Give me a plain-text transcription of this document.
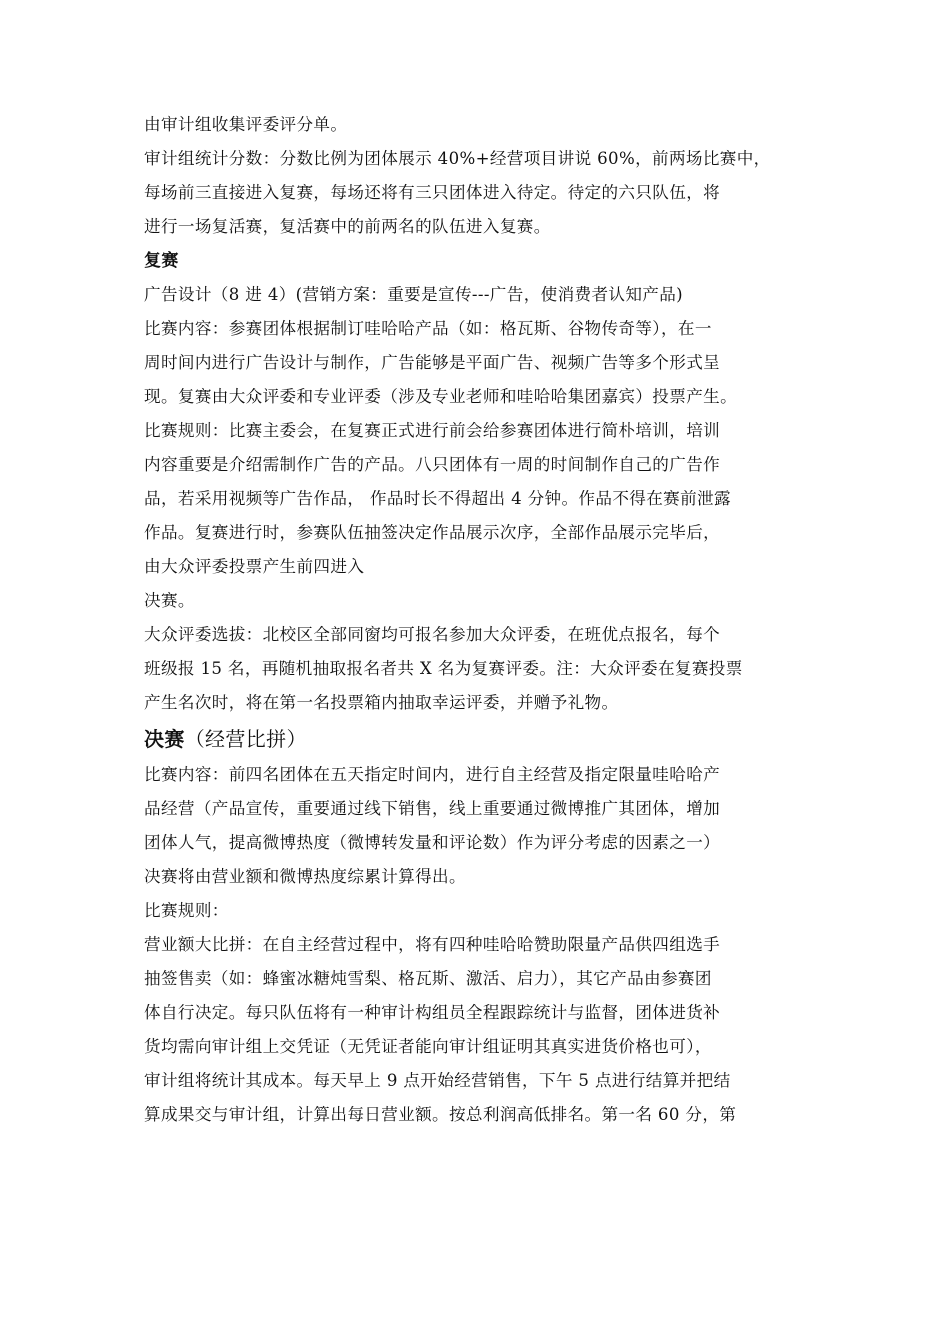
由审计组收集评委评分单。
审计组统计分数：分数比例为团体展示 40%+经营项目讲说 60%，前两场比赛中，
每场前三直接进入复赛，每场还将有三只团体进入待定。待定的六只队伍，将
进行一场复活赛，复活赛中的前两名的队伍进入复赛。
复赛
广告设计（8 进 4）(营销方案：重要是宣传---广告，使消费者认知产品)
比赛内容：参赛团体根据制订哇哈哈产品（如：格瓦斯、谷物传奇等），在一
周时间内进行广告设计与制作，广告能够是平面广告、视频广告等多个形式呈
现。复赛由大众评委和专业评委（涉及专业老师和哇哈哈集团嘉宾）投票产生。
比赛规则：比赛主委会，在复赛正式进行前会给参赛团体进行简朴培训，培训
内容重要是介绍需制作广告的产品。八只团体有一周的时间制作自己的广告作
品，若采用视频等广告作品， 作品时长不得超出 4 分钟。作品不得在赛前泄露
作品。复赛进行时，参赛队伍抽签决定作品展示次序，全部作品展示完毕后，
由大众评委投票产生前四进入
决赛。
大众评委选拔：北校区全部同窗均可报名参加大众评委，在班优点报名，每个
班级报 15 名，再随机抽取报名者共 X 名为复赛评委。注：大众评委在复赛投票
产生名次时，将在第一名投票箱内抽取幸运评委，并赠予礼物。
决赛（经营比拼）
比赛内容：前四名团体在五天指定时间内，进行自主经营及指定限量哇哈哈产
品经营（产品宣传，重要通过线下销售，线上重要通过微博推广其团体，增加
团体人气，提高微博热度（微博转发量和评论数）作为评分考虑的因素之一）
决赛将由营业额和微博热度综累计算得出。
比赛规则：
营业额大比拼：在自主经营过程中，将有四种哇哈哈赞助限量产品供四组选手
抽签售卖（如：蜂蜜冰糖炖雪梨、格瓦斯、激活、启力），其它产品由参赛团
体自行决定。每只队伍将有一种审计构组员全程跟踪统计与监督，团体进货补
货均需向审计组上交凭证（无凭证者能向审计组证明其真实进货价格也可），
审计组将统计其成本。每天早上 9 点开始经营销售，下午 5 点进行结算并把结
算成果交与审计组，计算出每日营业额。按总利润高低排名。第一名 60 分，第
